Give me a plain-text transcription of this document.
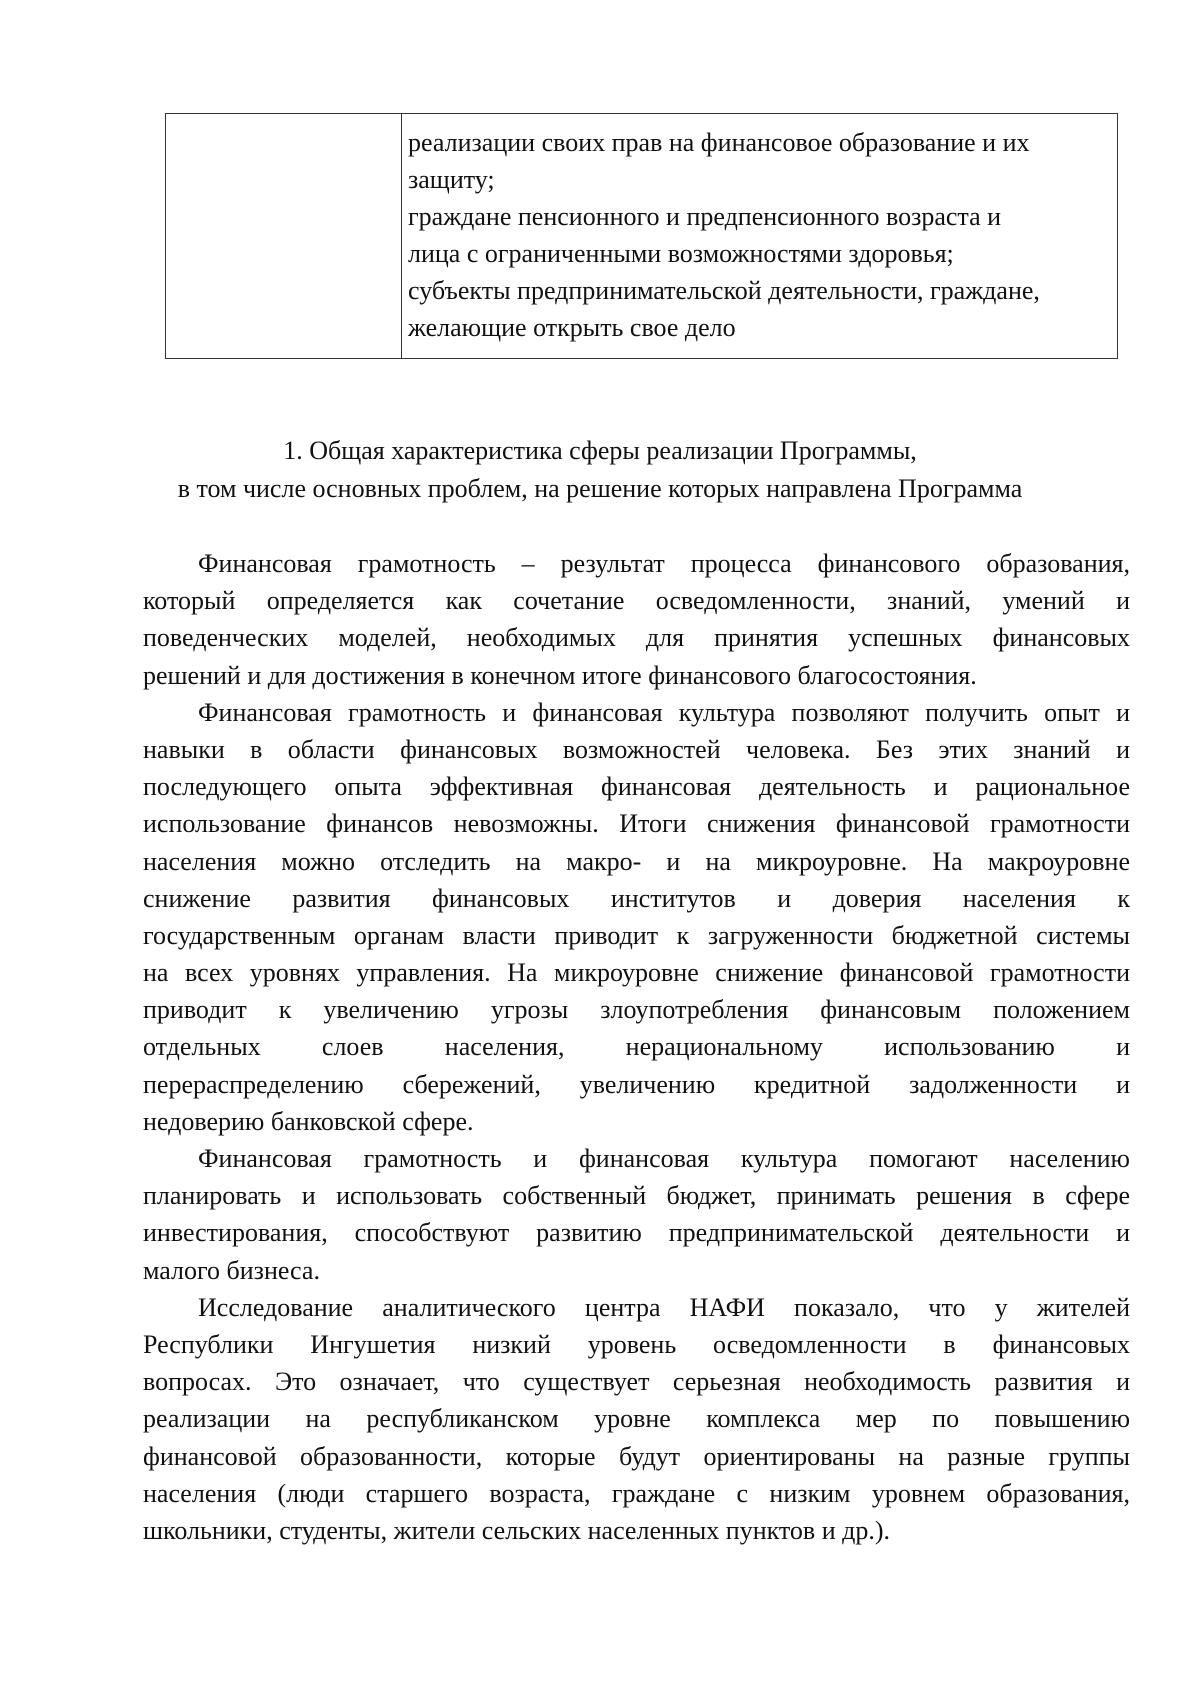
реализации своих прав на финансовое образование и их
защиту;
граждане пенсионного и предпенсионного возраста и
лица с ограниченными возможностями здоровья;
субъекты предпринимательской деятельности, граждане,
желающие открыть свое дело
1. Общая характеристика сферы реализации Программы,
в том числе основных проблем, на решение которых направлена Программа

Финансовая грамотность – результат процесса финансового образования,
который определяется как сочетание осведомленности, знаний, умений и
поведенческих моделей, необходимых для принятия успешных финансовых
решений и для достижения в конечном итоге финансового благосостояния.

Финансовая грамотность и финансовая культура позволяют получить опыт и
навыки в области финансовых возможностей человека. Без этих знаний и
последующего опыта эффективная финансовая деятельность и рациональное
использование финансов невозможны. Итоги снижения финансовой грамотности
населения можно отследить на макро- и на микроуровне. На макроуровне
снижение развития финансовых институтов и доверия населения к
государственным органам власти приводит к загруженности бюджетной системы
на всех уровнях управления. На микроуровне снижение финансовой грамотности
приводит к увеличению угрозы злоупотребления финансовым положением
отдельных слоев населения, нерациональному использованию и
перераспределению сбережений, увеличению кредитной задолженности и
недоверию банковской сфере.

Финансовая грамотность и финансовая культура помогают населению
планировать и использовать собственный бюджет, принимать решения в сфере
инвестирования, способствуют развитию предпринимательской деятельности и
малого бизнеса.

Исследование аналитического центра НАФИ показало, что у жителей
Республики Ингушетия низкий уровень осведомленности в финансовых
вопросах. Это означает, что существует серьезная необходимость развития и
реализации на республиканском уровне комплекса мер по повышению
финансовой образованности, которые будут ориентированы на разные группы
населения (люди старшего возраста, граждане с низким уровнем образования,
школьники, студенты, жители сельских населенных пунктов и др.).
